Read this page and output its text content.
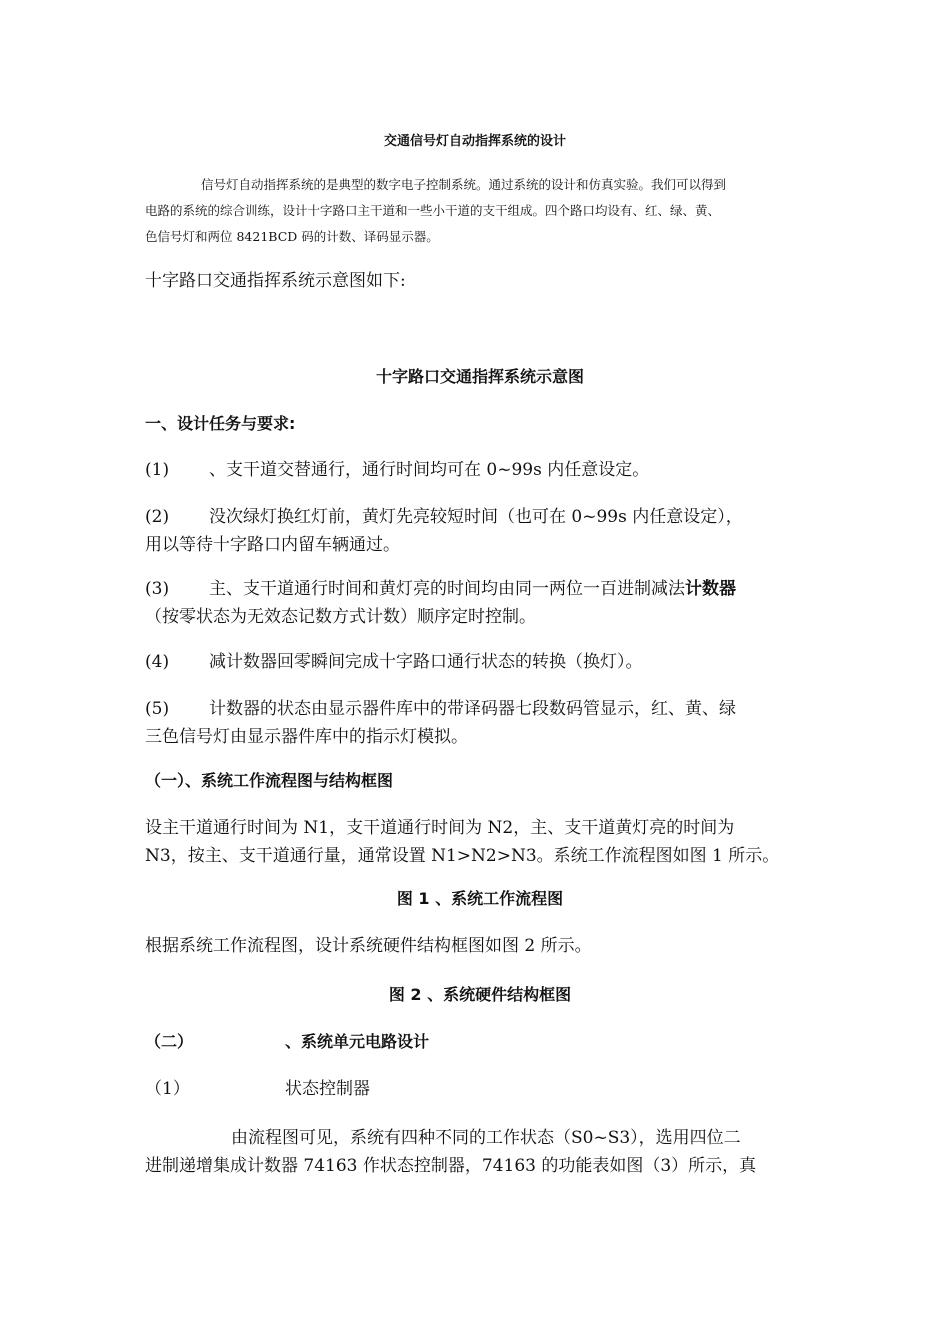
交通信号灯自动指挥系统的设计

信号灯自动指挥系统的是典型的数字电子控制系统。通过系统的设计和仿真实验。我们可以得到
电路的系统的综合训练，设计十字路口主干道和一些小干道的支干组成。四个路口均设有、红、绿、黄、
色信号灯和两位 8421BCD 码的计数、译码显示器。

十字路口交通指挥系统示意图如下:

十字路口交通指挥系统示意图

一、设计任务与要求:

(1) 、支干道交替通行，通行时间均可在 0~99s 内任意设定。
(2) 没次绿灯换红灯前，黄灯先亮较短时间（也可在 0~99s 内任意设定），
用以等待十字路口内留车辆通过。
(3) 主、支干道通行时间和黄灯亮的时间均由同一两位一百进制减法计数器
（按零状态为无效态记数方式计数）顺序定时控制。
(4) 减计数器回零瞬间完成十字路口通行状态的转换（换灯）。
(5) 计数器的状态由显示器件库中的带译码器七段数码管显示，红、黄、绿
三色信号灯由显示器件库中的指示灯模拟。

（一）、系统工作流程图与结构框图

设主干道通行时间为 N1，支干道通行时间为 N2，主、支干道黄灯亮的时间为
N3，按主、支干道通行量，通常设置 N1>N2>N3。系统工作流程图如图 1 所示。

图 1 、系统工作流程图

根据系统工作流程图，设计系统硬件结构框图如图 2 所示。

图 2 、系统硬件结构框图

（二）	、系统单元电路设计
（1）	状态控制器
由流程图可见，系统有四种不同的工作状态（S0~S3），选用四位二
进制递增集成计数器 74163 作状态控制器，74163 的功能表如图（3）所示，真
